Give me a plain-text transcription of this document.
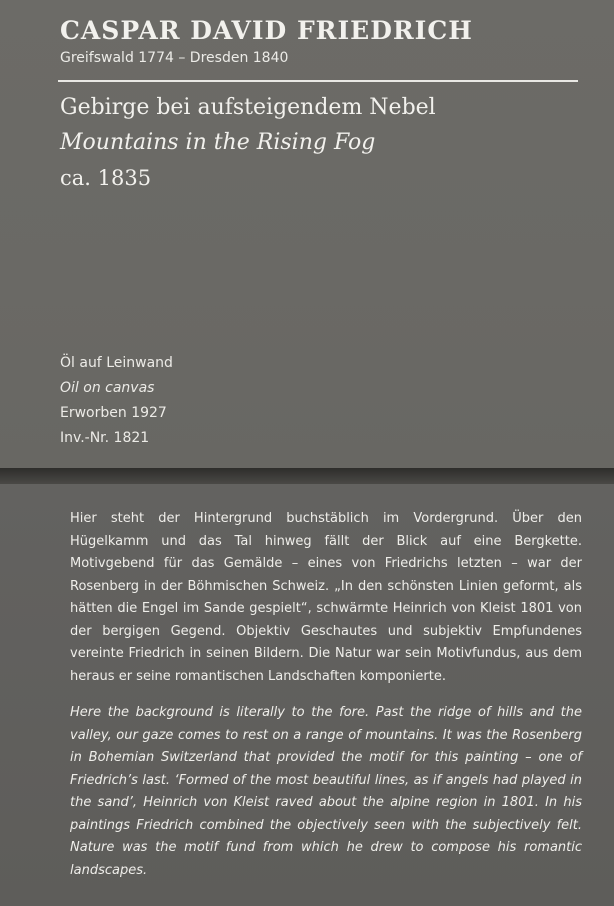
CASPAR DAVID FRIEDRICH
Greifswald 1774 – Dresden 1840
Gebirge bei aufsteigendem Nebel
Mountains in the Rising Fog
ca. 1835
Öl auf Leinwand
Oil on canvas
Erworben 1927
Inv.-Nr. 1821
Hier steht der Hintergrund buchstäblich im Vordergrund. Über den Hügelkamm und das Tal hinweg fällt der Blick auf eine Bergkette. Motivgebend für das Gemälde – eines von Friedrichs letzten – war der Rosenberg in der Böhmischen Schweiz. „In den schönsten Linien geformt, als hätten die Engel im Sande gespielt“, schwärmte Heinrich von Kleist 1801 von der bergigen Gegend. Objektiv Geschautes und subjektiv Empfundenes vereinte Friedrich in seinen Bildern. Die Natur war sein Motivfundus, aus dem heraus er seine romantischen Landschaften komponierte.
Here the background is literally to the fore. Past the ridge of hills and the valley, our gaze comes to rest on a range of mountains. It was the Rosenberg in Bohemian Switzerland that provided the motif for this painting – one of Friedrich’s last. ‘Formed of the most beautiful lines, as if angels had played in the sand’, Heinrich von Kleist raved about the alpine region in 1801. In his paintings Friedrich combined the objectively seen with the subjectively felt. Nature was the motif fund from which he drew to compose his romantic landscapes.
